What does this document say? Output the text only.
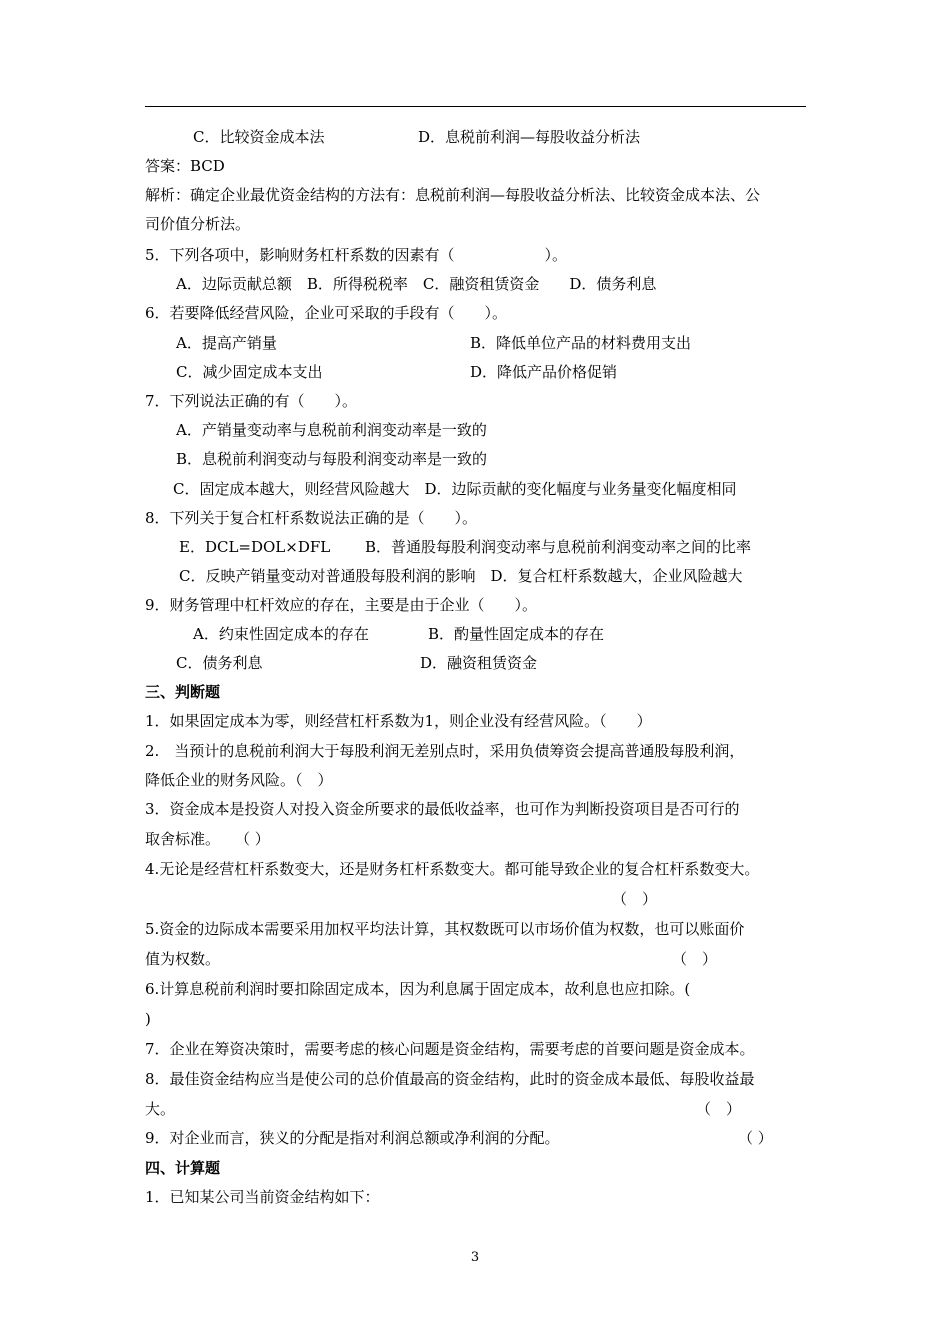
C．比较资金成本法	D．息税前利润—每股收益分析法
答案：BCD
解析：确定企业最优资金结构的方法有：息税前利润—每股收益分析法、比较资金成本法、公
司价值分析法。
5．下列各项中，影响财务杠杆系数的因素有（　　　　　　）。
A．边际贡献总额　B．所得税税率　C．融资租赁资金　　D．债务利息
6．若要降低经营风险，企业可采取的手段有（　　）。
A．提高产销量	B．降低单位产品的材料费用支出
C．减少固定成本支出	D．降低产品价格促销
7．下列说法正确的有（　　）。
A．产销量变动率与息税前利润变动率是一致的
B．息税前利润变动与每股利润变动率是一致的
C．固定成本越大，则经营风险越大　D．边际贡献的变化幅度与业务量变化幅度相同
8．下列关于复合杠杆系数说法正确的是（　　）。
E．DCL=DOL×DFL　　 B．普通股每股利润变动率与息税前利润变动率之间的比率
C．反映产销量变动对普通股每股利润的影响　D．复合杠杆系数越大，企业风险越大
9．财务管理中杠杆效应的存在，主要是由于企业（　　）。
A．约束性固定成本的存在	B．酌量性固定成本的存在
C．债务利息	D．融资租赁资金
三、判断题
1．如果固定成本为零，则经营杠杆系数为1，则企业没有经营风险。（　　）
2.　当预计的息税前利润大于每股利润无差别点时，采用负债筹资会提高普通股每股利润，
降低企业的财务风险。（　）
3．资金成本是投资人对投入资金所要求的最低收益率，也可作为判断投资项目是否可行的
取舍标准。　　（ ）
4.无论是经营杠杆系数变大，还是财务杠杆系数变大。都可能导致企业的复合杠杆系数变大。
（　）
5.资金的边际成本需要采用加权平均法计算，其权数既可以市场价值为权数，也可以账面价
值为权数。	（　）
6.计算息税前利润时要扣除固定成本，因为利息属于固定成本，故利息也应扣除。(
)
7．企业在筹资决策时，需要考虑的核心问题是资金结构，需要考虑的首要问题是资金成本。
8．最佳资金结构应当是使公司的总价值最高的资金结构，此时的资金成本最低、每股收益最
大。	（　）
9．对企业而言，狭义的分配是指对利润总额或净利润的分配。	（ ）
四、计算题
1．已知某公司当前资金结构如下：
3
